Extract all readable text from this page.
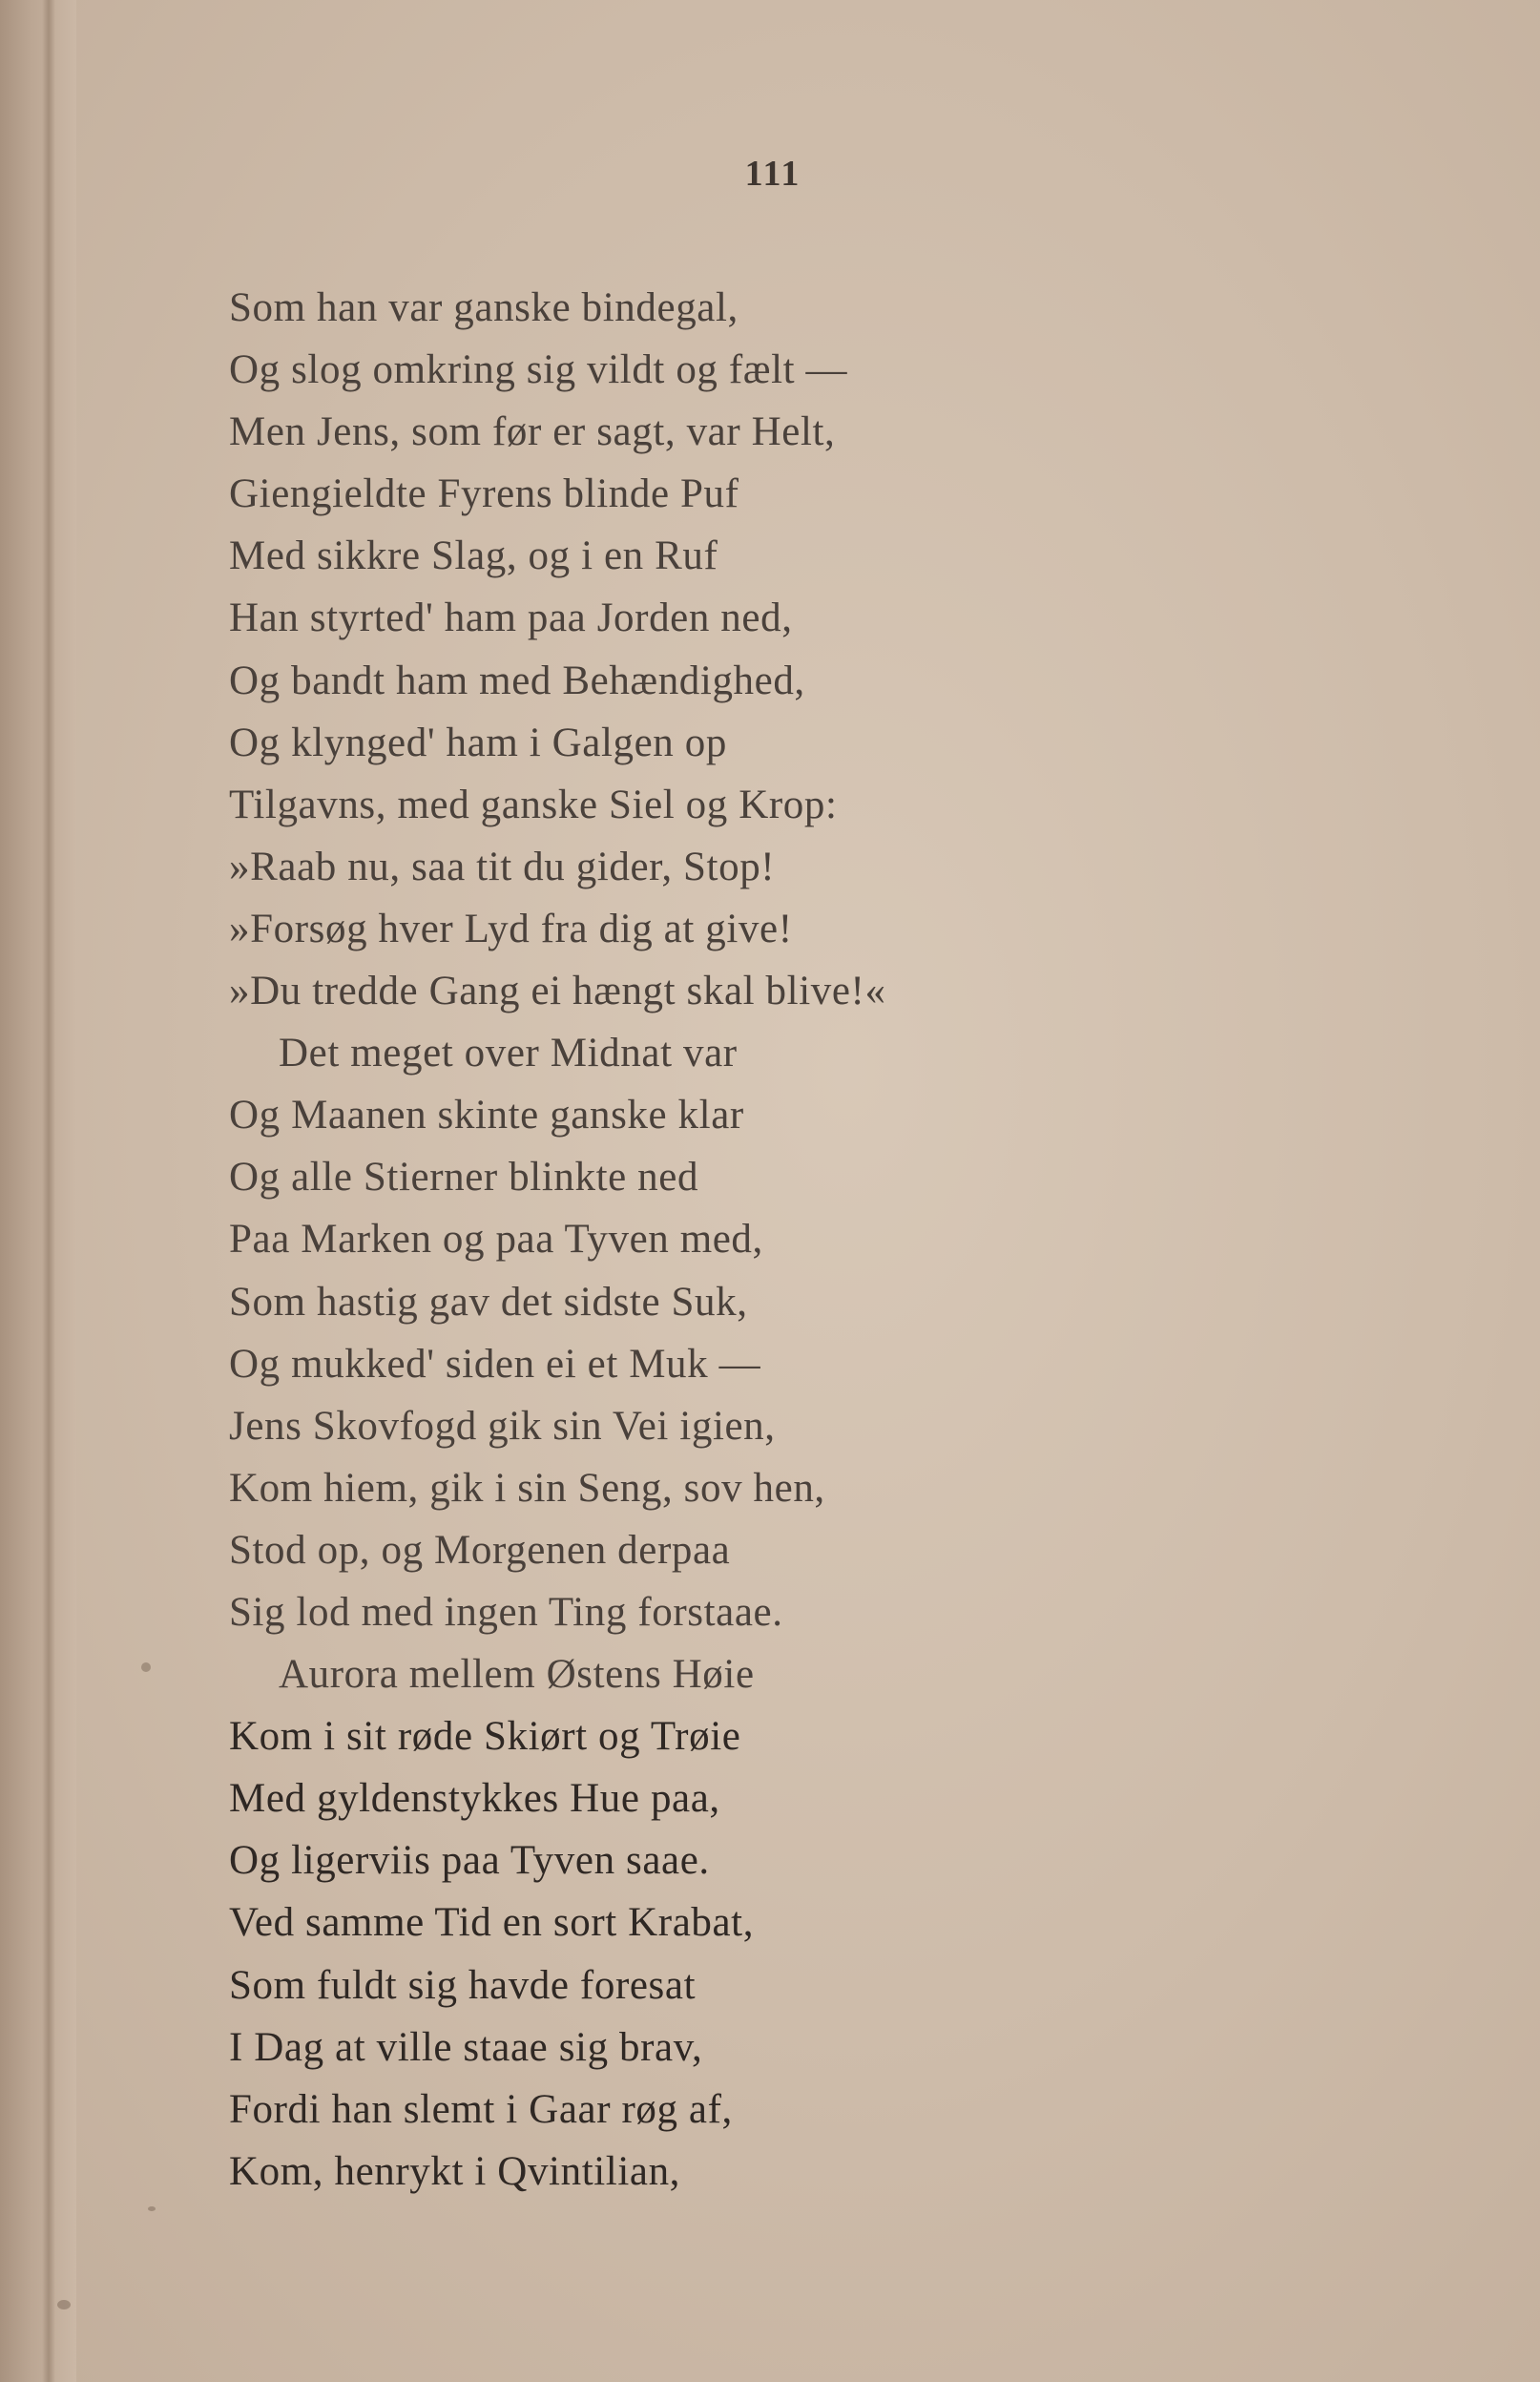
111
Som han var ganske bindegal,
Og slog omkring sig vildt og fælt —
Men Jens, som før er sagt, var Helt,
Giengieldte Fyrens blinde Puf
Med sikkre Slag, og i en Ruf
Han styrted' ham paa Jorden ned,
Og bandt ham med Behændighed,
Og klynged' ham i Galgen op
Tilgavns, med ganske Siel og Krop:
»Raab nu, saa tit du gider, Stop!
»Forsøg hver Lyd fra dig at give!
»Du tredde Gang ei hængt skal blive!«
Det meget over Midnat var
Og Maanen skinte ganske klar
Og alle Stierner blinkte ned
Paa Marken og paa Tyven med,
Som hastig gav det sidste Suk,
Og mukked' siden ei et Muk —
Jens Skovfogd gik sin Vei igien,
Kom hiem, gik i sin Seng, sov hen,
Stod op, og Morgenen derpaa
Sig lod med ingen Ting forstaae.
Aurora mellem Østens Høie
Kom i sit røde Skiørt og Trøie
Med gyldenstykkes Hue paa,
Og ligerviis paa Tyven saae.
Ved samme Tid en sort Krabat,
Som fuldt sig havde foresat
I Dag at ville staae sig brav,
Fordi han slemt i Gaar røg af,
Kom, henrykt i Qvintilian,
